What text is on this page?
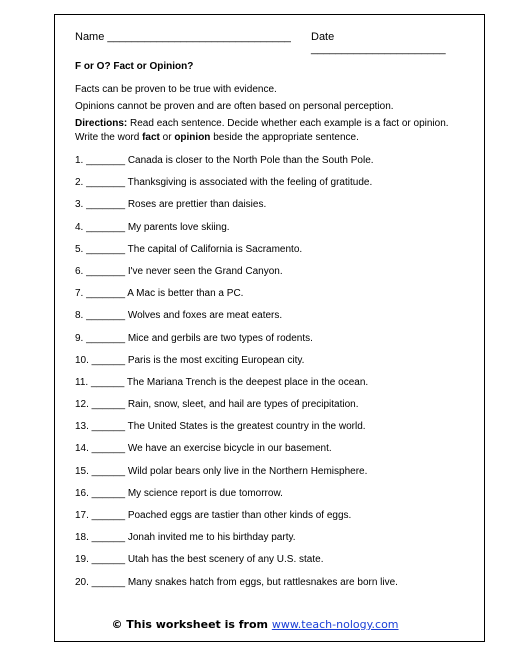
Name ______________________________ Date ______________________
F or O? Fact or Opinion?
Facts can be proven to be true with evidence.
Opinions cannot be proven and are often based on personal perception.
Directions: Read each sentence. Decide whether each example is a fact or opinion. Write the word fact or opinion beside the appropriate sentence.
1. _______ Canada is closer to the North Pole than the South Pole.
2. _______ Thanksgiving is associated with the feeling of gratitude.
3. _______ Roses are prettier than daisies.
4. _______ My parents love skiing.
5. _______ The capital of California is Sacramento.
6. _______ I've never seen the Grand Canyon.
7. _______ A Mac is better than a PC.
8. _______ Wolves and foxes are meat eaters.
9. _______ Mice and gerbils are two types of rodents.
10. ______ Paris is the most exciting European city.
11. ______ The Mariana Trench is the deepest place in the ocean.
12. ______ Rain, snow, sleet, and hail are types of precipitation.
13. ______ The United States is the greatest country in the world.
14. ______ We have an exercise bicycle in our basement.
15. ______ Wild polar bears only live in the Northern Hemisphere.
16. ______ My science report is due tomorrow.
17. ______ Poached eggs are tastier than other kinds of eggs.
18. ______ Jonah invited me to his birthday party.
19. ______ Utah has the best scenery of any U.S. state.
20. ______ Many snakes hatch from eggs, but rattlesnakes are born live.
© This worksheet is from www.teach-nology.com
